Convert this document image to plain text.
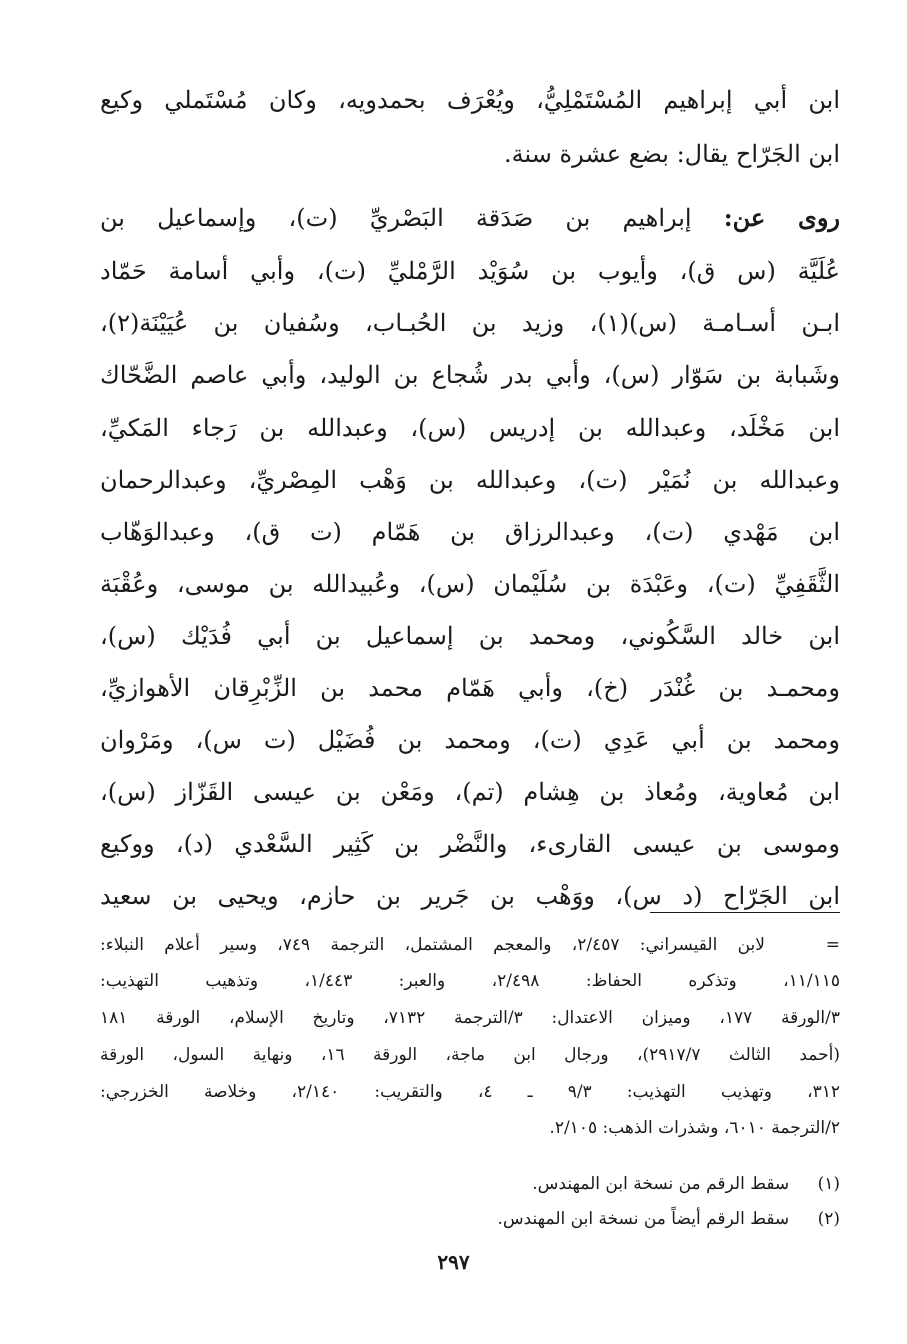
ابن أبي إبراهيم المُسْتَمْلِيُّ، ويُعْرَف بحمدويه، وكان مُسْتَملي وكيع
ابن الجَرّاح يقال: بضع عشرة سنة.
روى عن: إبراهيم بن صَدَقة البَصْريِّ (ت)، وإسماعيل بن
عُلَيَّة (س ق)، وأيوب بن سُوَيْد الرَّمْليِّ (ت)، وأبي أسامة حَمّاد
ابـن أسـامـة (س)(١)، وزيد بن الحُبـاب، وسُفيان بن عُيَيْنَة(٢)،
وشَبابة بن سَوّار (س)، وأبي بدر شُجاع بن الوليد، وأبي عاصم الضَّحّاك
ابن مَخْلَد، وعبدالله بن إدريس (س)، وعبدالله بن رَجاء المَكيِّ،
وعبدالله بن نُمَيْر (ت)، وعبدالله بن وَهْب المِصْريِّ، وعبدالرحمان
ابن مَهْدي (ت)، وعبدالرزاق بن هَمّام (ت ق)، وعبدالوَهّاب
الثَّقَفِيِّ (ت)، وعَبْدَة بن سُلَيْمان (س)، وعُبيدالله بن موسى، وعُقْبَة
ابن خالد السَّكُوني، ومحمد بن إسماعيل بن أبي فُدَيْك (س)،
ومحمـد بن غُنْدَر (خ)، وأبي هَمّام محمد بن الزِّبْرِقان الأهوازيِّ،
ومحمد بن أبي عَدِي (ت)، ومحمد بن فُضَيْل (ت س)، ومَرْوان
ابن مُعاوية، ومُعاذ بن هِشام (تم)، ومَعْن بن عيسى القَزّاز (س)،
وموسى بن عيسى القارىء، والنَّضْر بن كَثِير السَّعْدي (د)، ووكيع
ابن الجَرّاح (د س)، ووَهْب بن جَرير بن حازم، ويحيى بن سعيد
=   لابن القيسراني: ٢/٤٥٧، والمعجم المشتمل، الترجمة ٧٤٩، وسير أعلام النبلاء:
١١/١١٥، وتذكره الحفاظ: ٢/٤٩٨، والعبر: ١/٤٤٣، وتذهيب التهذيب:
٣/الورقة ١٧٧، وميزان الاعتدال: ٣/الترجمة ٧١٣٢، وتاريخ الإسلام، الورقة ١٨١
(أحمد الثالث ٢٩١٧/٧)، ورجال ابن ماجة، الورقة ١٦، ونهاية السول، الورقة
٣١٢، وتهذيب التهذيب: ٩/٣ ـ ٤، والتقريب: ٢/١٤٠، وخلاصة الخزرجي:
٢/الترجمة ٦٠١٠، وشذرات الذهب: ٢/١٠٥.
(١)  سقط الرقم من نسخة ابن المهندس.
(٢)  سقط الرقم أيضاً من نسخة ابن المهندس.
٢٩٧
